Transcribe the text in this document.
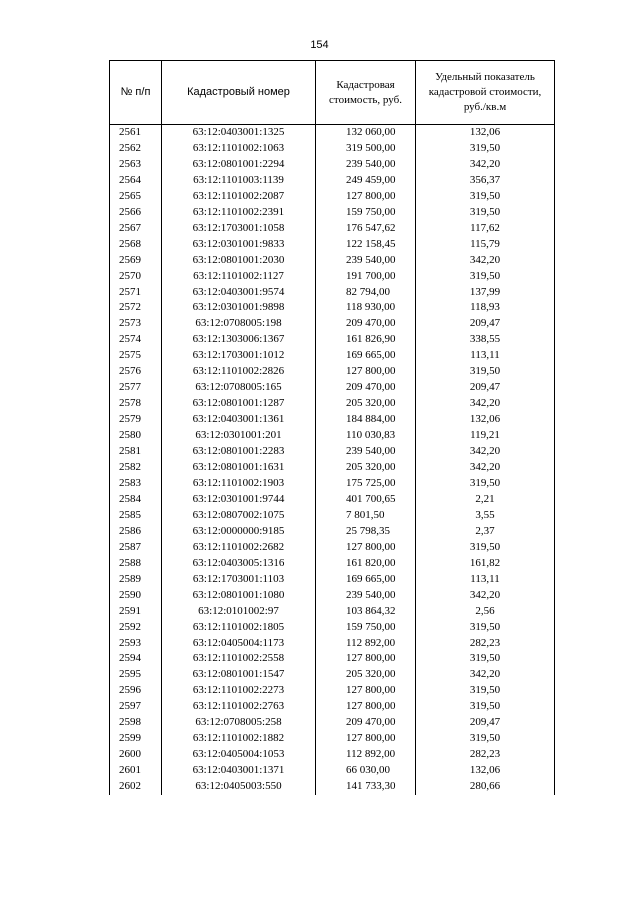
154
№ п/п	Кадастровый номер	Кадастровая стоимость, руб.	Удельный показатель кадастровой стоимости, руб./кв.м
2561	63:12:0403001:1325	132 060,00	132,06
2562	63:12:1101002:1063	319 500,00	319,50
2563	63:12:0801001:2294	239 540,00	342,20
2564	63:12:1101003:1139	249 459,00	356,37
2565	63:12:1101002:2087	127 800,00	319,50
2566	63:12:1101002:2391	159 750,00	319,50
2567	63:12:1703001:1058	176 547,62	117,62
2568	63:12:0301001:9833	122 158,45	115,79
2569	63:12:0801001:2030	239 540,00	342,20
2570	63:12:1101002:1127	191 700,00	319,50
2571	63:12:0403001:9574	82 794,00	137,99
2572	63:12:0301001:9898	118 930,00	118,93
2573	63:12:0708005:198	209 470,00	209,47
2574	63:12:1303006:1367	161 826,90	338,55
2575	63:12:1703001:1012	169 665,00	113,11
2576	63:12:1101002:2826	127 800,00	319,50
2577	63:12:0708005:165	209 470,00	209,47
2578	63:12:0801001:1287	205 320,00	342,20
2579	63:12:0403001:1361	184 884,00	132,06
2580	63:12:0301001:201	110 030,83	119,21
2581	63:12:0801001:2283	239 540,00	342,20
2582	63:12:0801001:1631	205 320,00	342,20
2583	63:12:1101002:1903	175 725,00	319,50
2584	63:12:0301001:9744	401 700,65	2,21
2585	63:12:0807002:1075	7 801,50	3,55
2586	63:12:0000000:9185	25 798,35	2,37
2587	63:12:1101002:2682	127 800,00	319,50
2588	63:12:0403005:1316	161 820,00	161,82
2589	63:12:1703001:1103	169 665,00	113,11
2590	63:12:0801001:1080	239 540,00	342,20
2591	63:12:0101002:97	103 864,32	2,56
2592	63:12:1101002:1805	159 750,00	319,50
2593	63:12:0405004:1173	112 892,00	282,23
2594	63:12:1101002:2558	127 800,00	319,50
2595	63:12:0801001:1547	205 320,00	342,20
2596	63:12:1101002:2273	127 800,00	319,50
2597	63:12:1101002:2763	127 800,00	319,50
2598	63:12:0708005:258	209 470,00	209,47
2599	63:12:1101002:1882	127 800,00	319,50
2600	63:12:0405004:1053	112 892,00	282,23
2601	63:12:0403001:1371	66 030,00	132,06
2602	63:12:0405003:550	141 733,30	280,66
